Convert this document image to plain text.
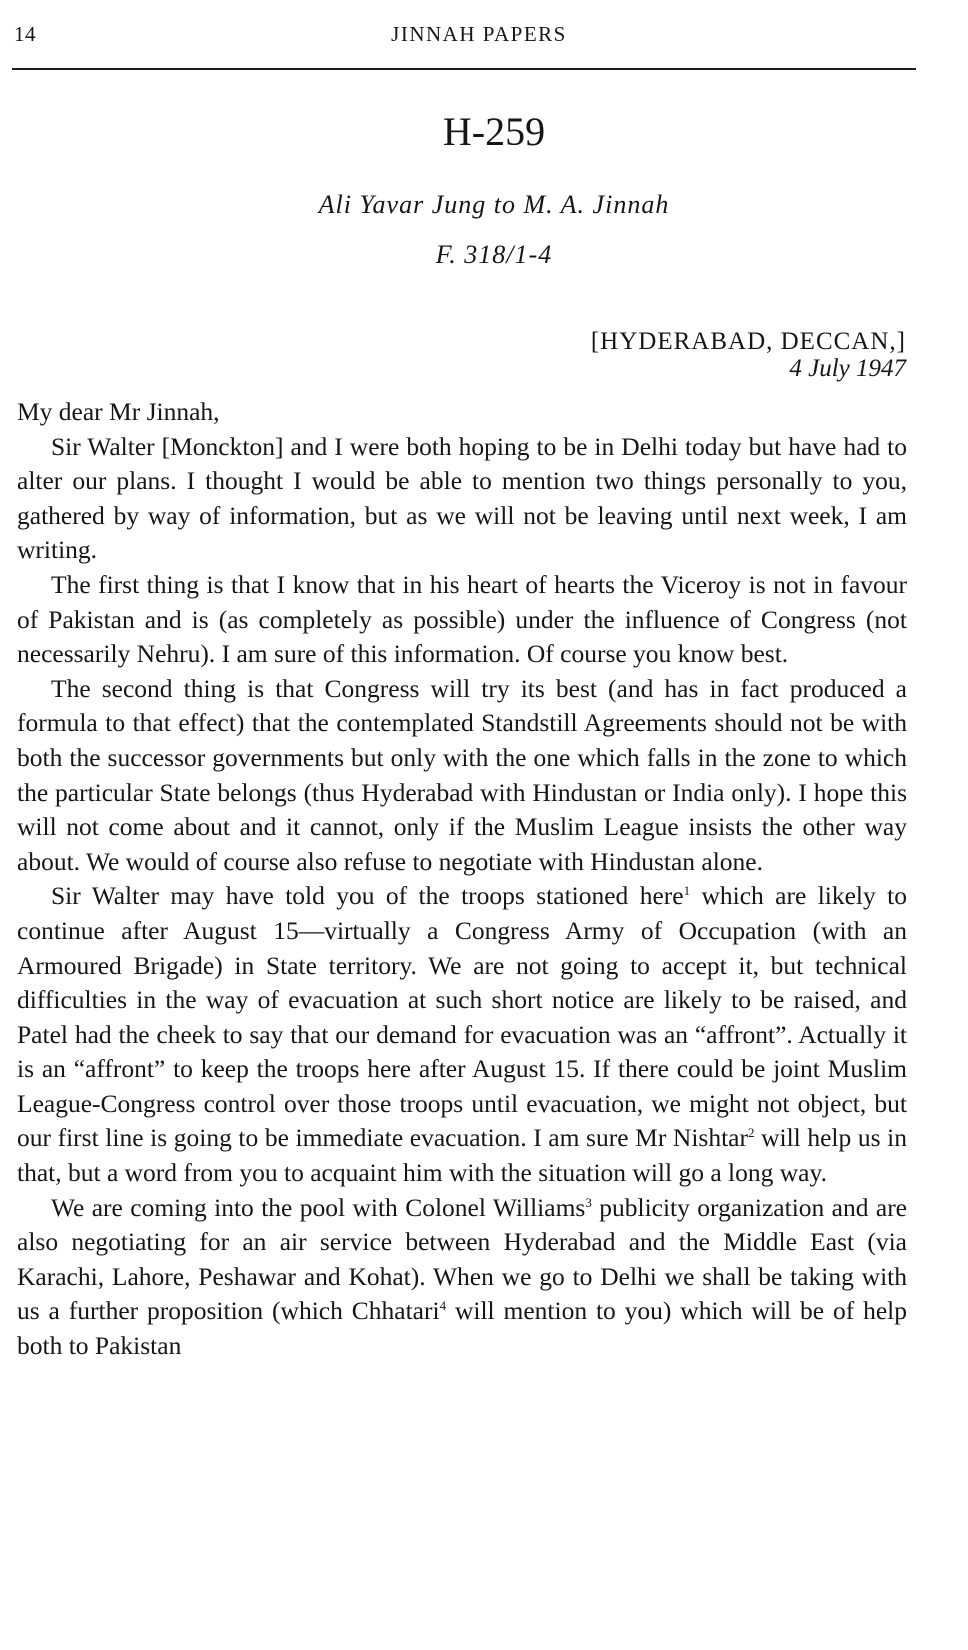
14	JINNAH PAPERS
H-259
Ali Yavar Jung to M. A. Jinnah
F. 318/1-4
[HYDERABAD, DECCAN,]
4 July 1947

My dear Mr Jinnah,

Sir Walter [Monckton] and I were both hoping to be in Delhi today but have had to alter our plans. I thought I would be able to mention two things personally to you, gathered by way of information, but as we will not be leaving until next week, I am writing.

The first thing is that I know that in his heart of hearts the Viceroy is not in favour of Pakistan and is (as completely as possible) under the influence of Congress (not necessarily Nehru). I am sure of this information. Of course you know best.

The second thing is that Congress will try its best (and has in fact produced a formula to that effect) that the contemplated Standstill Agreements should not be with both the successor governments but only with the one which falls in the zone to which the particular State belongs (thus Hyderabad with Hindustan or India only). I hope this will not come about and it cannot, only if the Muslim League insists the other way about. We would of course also refuse to negotiate with Hindustan alone.

Sir Walter may have told you of the troops stationed here$^1$ which are likely to continue after August 15—virtually a Congress Army of Occupation (with an Armoured Brigade) in State territory. We are not going to accept it, but technical difficulties in the way of evacuation at such short notice are likely to be raised, and Patel had the cheek to say that our demand for evacuation was an “affront”. Actually it is an “affront” to keep the troops here after August 15. If there could be joint Muslim League-Congress control over those troops until evacuation, we might not object, but our first line is going to be immediate evacuation. I am sure Mr Nishtar$^2$ will help us in that, but a word from you to acquaint him with the situation will go a long way.

We are coming into the pool with Colonel Williams$^3$ publicity organization and are also negotiating for an air service between Hyderabad and the Middle East (via Karachi, Lahore, Peshawar and Kohat). When we go to Delhi we shall be taking with us a further proposition (which Chhatari$^4$ will mention to you) which will be of help both to Pakistan
